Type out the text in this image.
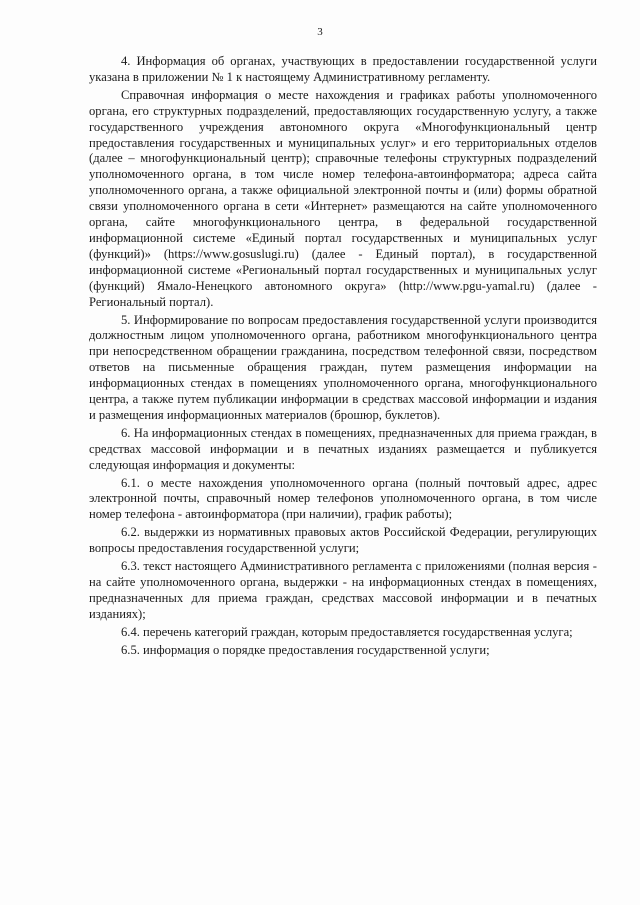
3

4. Информация об органах, участвующих в предоставлении государственной услуги указана в приложении № 1 к настоящему Административному регламенту.

Справочная информация о месте нахождения и графиках работы уполномоченного органа, его структурных подразделений, предоставляющих государственную услугу, а также государственного учреждения автономного округа «Многофункциональный центр предоставления государственных и муниципальных услуг» и его территориальных отделов (далее – многофункциональный центр); справочные телефоны структурных подразделений уполномоченного органа, в том числе номер телефона-автоинформатора; адреса сайта уполномоченного органа, а также официальной электронной почты и (или) формы обратной связи уполномоченного органа в сети «Интернет» размещаются на сайте уполномоченного органа, сайте многофункционального центра, в федеральной государственной информационной системе «Единый портал государственных и муниципальных услуг (функций)» (https://www.gosuslugi.ru) (далее - Единый портал), в государственной информационной системе «Региональный портал государственных и муниципальных услуг (функций) Ямало-Ненецкого автономного округа» (http://www.pgu-yamal.ru) (далее - Региональный портал).

5. Информирование по вопросам предоставления государственной услуги производится должностным лицом уполномоченного органа, работником многофункционального центра при непосредственном обращении гражданина, посредством телефонной связи, посредством ответов на письменные обращения граждан, путем размещения информации на информационных стендах в помещениях уполномоченного органа, многофункционального центра, а также путем публикации информации в средствах массовой информации и издания и размещения информационных материалов (брошюр, буклетов).

6. На информационных стендах в помещениях, предназначенных для приема граждан, в средствах массовой информации и в печатных изданиях размещается и публикуется следующая информация и документы:

6.1. о месте нахождения уполномоченного органа (полный почтовый адрес, адрес электронной почты, справочный номер телефонов уполномоченного органа, в том числе номер телефона - автоинформатора (при наличии), график работы);

6.2. выдержки из нормативных правовых актов Российской Федерации, регулирующих вопросы предоставления государственной услуги;

6.3. текст настоящего Административного регламента с приложениями (полная версия - на сайте уполномоченного органа, выдержки - на информационных стендах в помещениях, предназначенных для приема граждан, средствах массовой информации и в печатных изданиях);

6.4. перечень категорий граждан, которым предоставляется государственная услуга;

6.5. информация о порядке предоставления государственной услуги;
